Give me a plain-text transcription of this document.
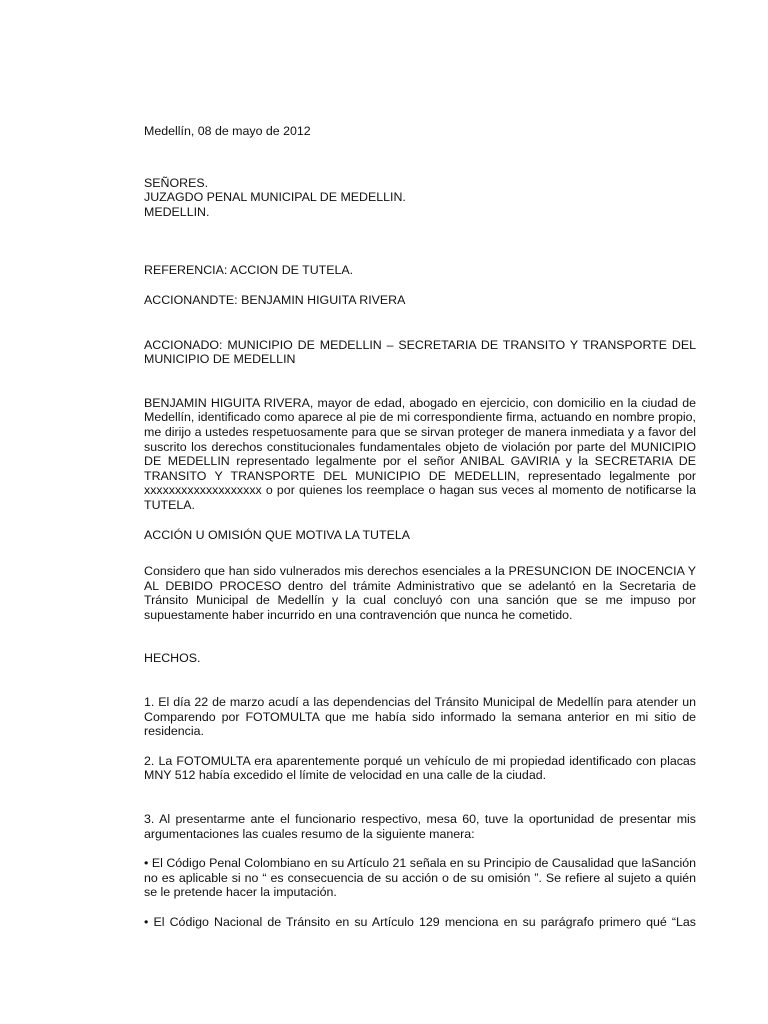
Medellín, 08 de mayo de 2012

SEÑORES.
JUZAGDO PENAL MUNICIPAL DE MEDELLIN.
MEDELLIN.

REFERENCIA: ACCION DE TUTELA.

ACCIONANDTE: BENJAMIN HIGUITA RIVERA

ACCIONADO: MUNICIPIO DE MEDELLIN – SECRETARIA DE TRANSITO Y TRANSPORTE DEL
MUNICIPIO DE MEDELLIN

BENJAMIN HIGUITA RIVERA, mayor de edad, abogado en ejercicio, con domicilio en la ciudad de Medellín, identificado como aparece al pie de mi correspondiente firma, actuando en nombre propio, me dirijo a ustedes respetuosamente para que se sirvan proteger de manera inmediata y a favor del suscrito los derechos constitucionales fundamentales objeto de violación por parte del MUNICIPIO DE MEDELLIN representado legalmente por el señor ANIBAL GAVIRIA y la SECRETARIA DE TRANSITO Y TRANSPORTE DEL MUNICIPIO DE MEDELLIN, representado legalmente por xxxxxxxxxxxxxxxxxxx o por quienes los reemplace o hagan sus veces al momento de notificarse la TUTELA.

ACCIÓN U OMISIÓN QUE MOTIVA LA TUTELA

Considero que han sido vulnerados mis derechos esenciales a la PRESUNCION DE INOCENCIA Y AL DEBIDO PROCESO dentro del trámite Administrativo que se adelantó en la Secretaria de Tránsito Municipal de Medellín y la cual concluyó con una sanción que se me impuso por supuestamente haber incurrido en una contravención que nunca he cometido.

HECHOS.

1. El día 22 de marzo acudí a las dependencias del Tránsito Municipal de Medellín para atender un Comparendo por FOTOMULTA que me había sido informado la semana anterior en mi sitio de residencia.

2. La FOTOMULTA era aparentemente porqué un vehículo de mi propiedad identificado con placas MNY 512 había excedido el límite de velocidad en una calle de la ciudad.

3. Al presentarme ante el funcionario respectivo, mesa 60, tuve la oportunidad de presentar mis argumentaciones las cuales resumo de la siguiente manera:

• El Código Penal Colombiano en su Artículo 21 señala en su Principio de Causalidad que laSanción no es aplicable si no “ es consecuencia de su acción o de su omisión ”. Se refiere al sujeto a quién se le pretende hacer la imputación.

• El Código Nacional de Tránsito en su Artículo 129 menciona en su parágrafo primero qué “Las
